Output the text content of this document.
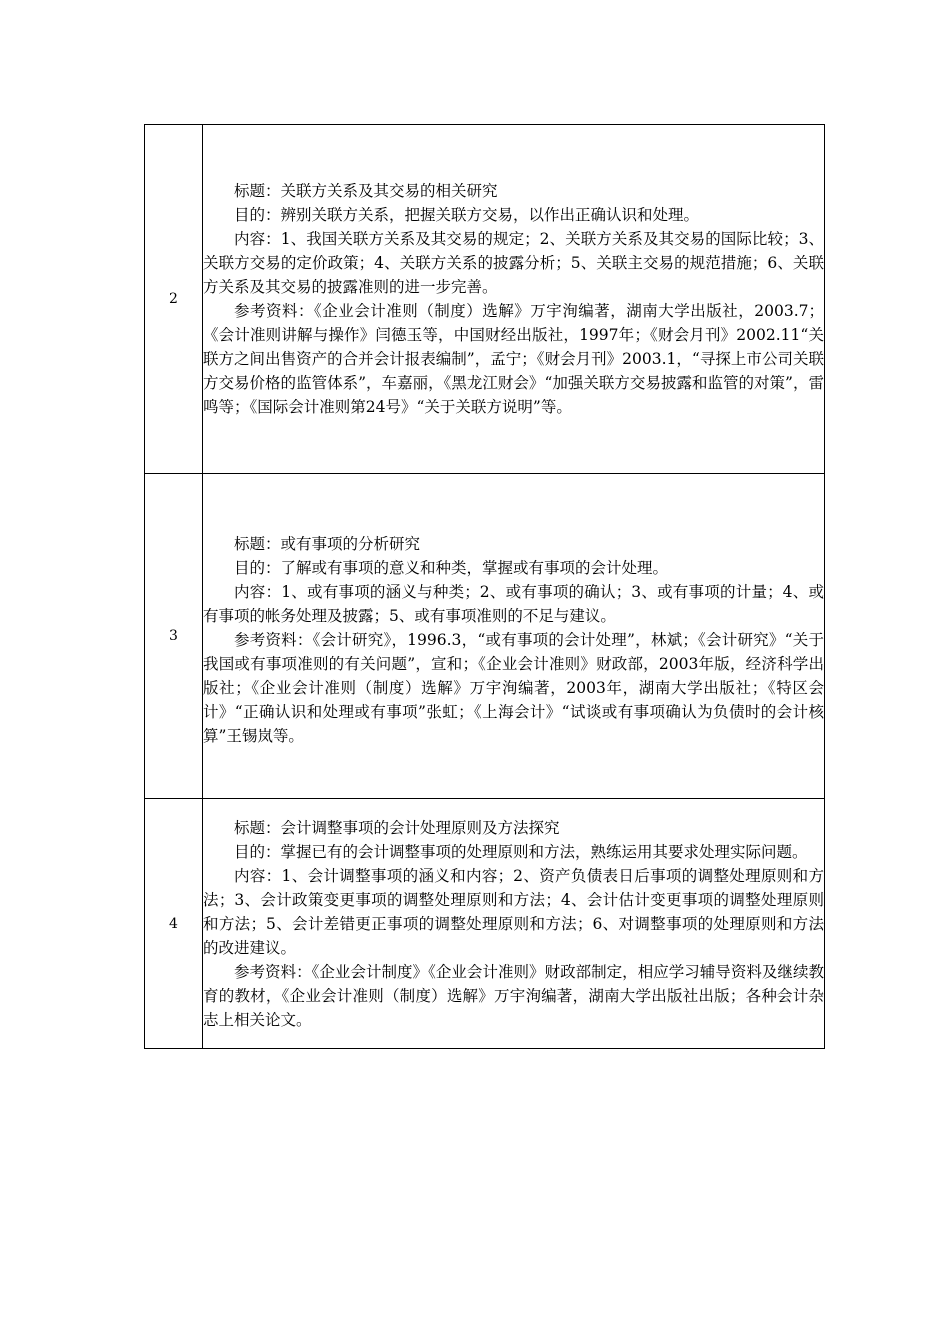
2	标题：关联方关系及其交易的相关研究

目的：辨别关联方关系，把握关联方交易，以作出正确认识和处理。

内容：1、我国关联方关系及其交易的规定；2、关联方关系及其交易的国际比较；3、关联方交易的定价政策；4、关联方关系的披露分析；5、关联主交易的规范措施；6、关联方关系及其交易的披露准则的进一步完善。

参考资料：《企业会计准则（制度）选解》万宇洵编著，湖南大学出版社，2003.7；《会计准则讲解与操作》闫德玉等，中国财经出版社，1997年；《财会月刊》2002.11“关联方之间出售资产的合并会计报表编制”，孟宁；《财会月刊》2003.1，“寻探上市公司关联方交易价格的监管体系”，车嘉丽，《黑龙江财会》“加强关联方交易披露和监管的对策”，雷鸣等；《国际会计准则第24号》“关于关联方说明”等。

3	标题：或有事项的分析研究

目的：了解或有事项的意义和种类，掌握或有事项的会计处理。

内容：1、或有事项的涵义与种类；2、或有事项的确认；3、或有事项的计量；4、或有事项的帐务处理及披露；5、或有事项准则的不足与建议。

参考资料：《会计研究》，1996.3，“或有事项的会计处理”，林斌；《会计研究》“关于我国或有事项准则的有关问题”，宣和；《企业会计准则》财政部，2003年版，经济科学出版社；《企业会计准则（制度）选解》万宇洵编著，2003年，湖南大学出版社；《特区会计》“正确认识和处理或有事项”张虹；《上海会计》“试谈或有事项确认为负债时的会计核算”王锡岚等。

4	标题：会计调整事项的会计处理原则及方法探究

目的：掌握已有的会计调整事项的处理原则和方法，熟练运用其要求处理实际问题。

内容：1、会计调整事项的涵义和内容；2、资产负债表日后事项的调整处理原则和方法；3、会计政策变更事项的调整处理原则和方法；4、会计估计变更事项的调整处理原则和方法；5、会计差错更正事项的调整处理原则和方法；6、对调整事项的处理原则和方法的改进建议。

参考资料：《企业会计制度》《企业会计准则》财政部制定，相应学习辅导资料及继续教育的教材，《企业会计准则（制度）选解》万宇洵编著，湖南大学出版社出版；各种会计杂志上相关论文。
